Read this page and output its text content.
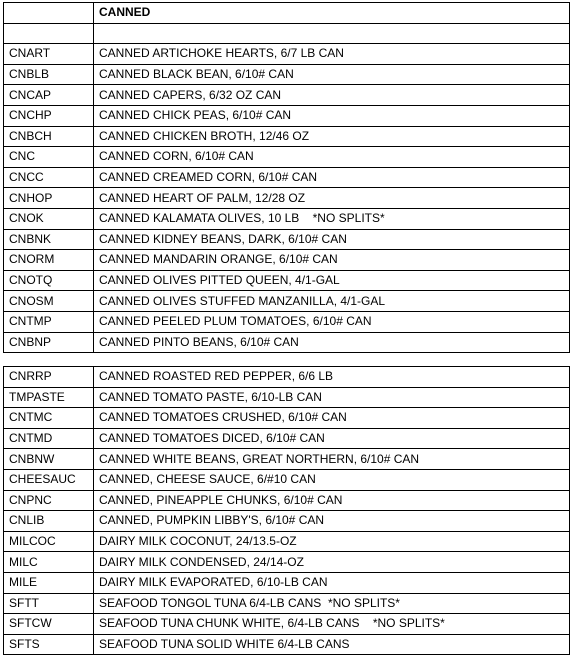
	CANNED

CNART	CANNED ARTICHOKE HEARTS, 6/7 LB CAN
CNBLB	CANNED BLACK BEAN, 6/10# CAN
CNCAP	CANNED CAPERS, 6/32 OZ CAN
CNCHP	CANNED CHICK PEAS, 6/10# CAN
CNBCH	CANNED CHICKEN BROTH, 12/46 OZ
CNC	CANNED CORN, 6/10# CAN
CNCC	CANNED CREAMED CORN, 6/10# CAN
CNHOP	CANNED HEART OF PALM, 12/28 OZ
CNOK	CANNED KALAMATA OLIVES, 10 LB    *NO SPLITS*
CNBNK	CANNED KIDNEY BEANS, DARK, 6/10# CAN
CNORM	CANNED MANDARIN ORANGE, 6/10# CAN
CNOTQ	CANNED OLIVES PITTED QUEEN, 4/1-GAL
CNOSM	CANNED OLIVES STUFFED MANZANILLA, 4/1-GAL
CNTMP	CANNED PEELED PLUM TOMATOES, 6/10# CAN
CNBNP	CANNED PINTO BEANS, 6/10# CAN
CNRRP	CANNED ROASTED RED PEPPER, 6/6 LB
TMPASTE	CANNED TOMATO PASTE, 6/10-LB CAN
CNTMC	CANNED TOMATOES CRUSHED, 6/10# CAN
CNTMD	CANNED TOMATOES DICED, 6/10# CAN
CNBNW	CANNED WHITE BEANS, GREAT NORTHERN, 6/10# CAN
CHEESAUC	CANNED, CHEESE SAUCE, 6/#10 CAN
CNPNC	CANNED, PINEAPPLE CHUNKS, 6/10# CAN
CNLIB	CANNED, PUMPKIN LIBBY'S, 6/10# CAN
MILCOC	DAIRY MILK COCONUT, 24/13.5-OZ
MILC	DAIRY MILK CONDENSED, 24/14-OZ
MILE	DAIRY MILK EVAPORATED, 6/10-LB CAN
SFTT	SEAFOOD TONGOL TUNA 6/4-LB CANS  *NO SPLITS*
SFTCW	SEAFOOD TUNA CHUNK WHITE, 6/4-LB CANS    *NO SPLITS*
SFTS	SEAFOOD TUNA SOLID WHITE 6/4-LB CANS
